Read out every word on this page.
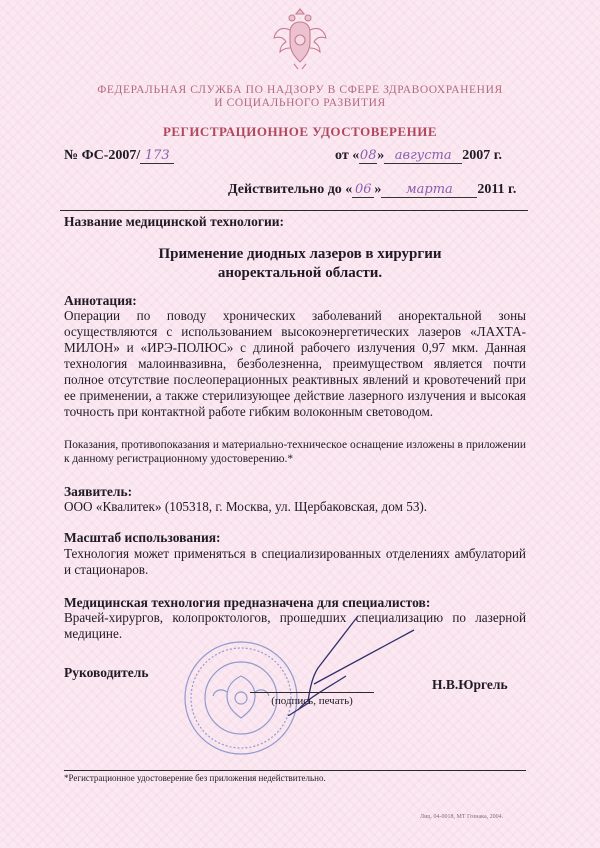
ФЕДЕРАЛЬНАЯ СЛУЖБА ПО НАДЗОРУ В СФЕРЕ ЗДРАВООХРАНЕНИЯ
И СОЦИАЛЬНОГО РАЗВИТИЯ
РЕГИСТРАЦИОННОЕ УДОСТОВЕРЕНИЕ
№ ФС-2007/ 173	от «08» августа 2007 г.
Действительно до « 06 » марта 2011 г.
Название медицинской технологии:
Применение диодных лазеров в хирургии
аноректальной области.
Аннотация:
Операции по поводу хронических заболеваний аноректальной зоны осуществляются с использованием высокоэнергетических лазеров «ЛАХТА-МИЛОН» и «ИРЭ-ПОЛЮС» с длиной рабочего излучения 0,97 мкм. Данная технология малоинвазивна, безболезненна, преимуществом является почти полное отсутствие послеоперационных реактивных явлений и кровотечений при ее применении, а также стерилизующее действие лазерного излучения и высокая точность при контактной работе гибким волоконным световодом.
Показания, противопоказания и материально-техническое оснащение изложены в приложении к данному регистрационному удостоверению.*
Заявитель:
ООО «Квалитек» (105318, г. Москва, ул. Щербаковская, дом 53).
Масштаб использования:
Технология может применяться в специализированных отделениях амбулаторий и стационаров.
Медицинская технология предназначена для специалистов:
Врачей-хирургов, колопроктологов, прошедших специализацию по лазерной медицине.
Руководитель
(подпись, печать)
Н.В.Юргель
*Регистрационное удостоверение без приложения недействительно.
Лиц. 04-0018, МТ Гознака, 2004.
